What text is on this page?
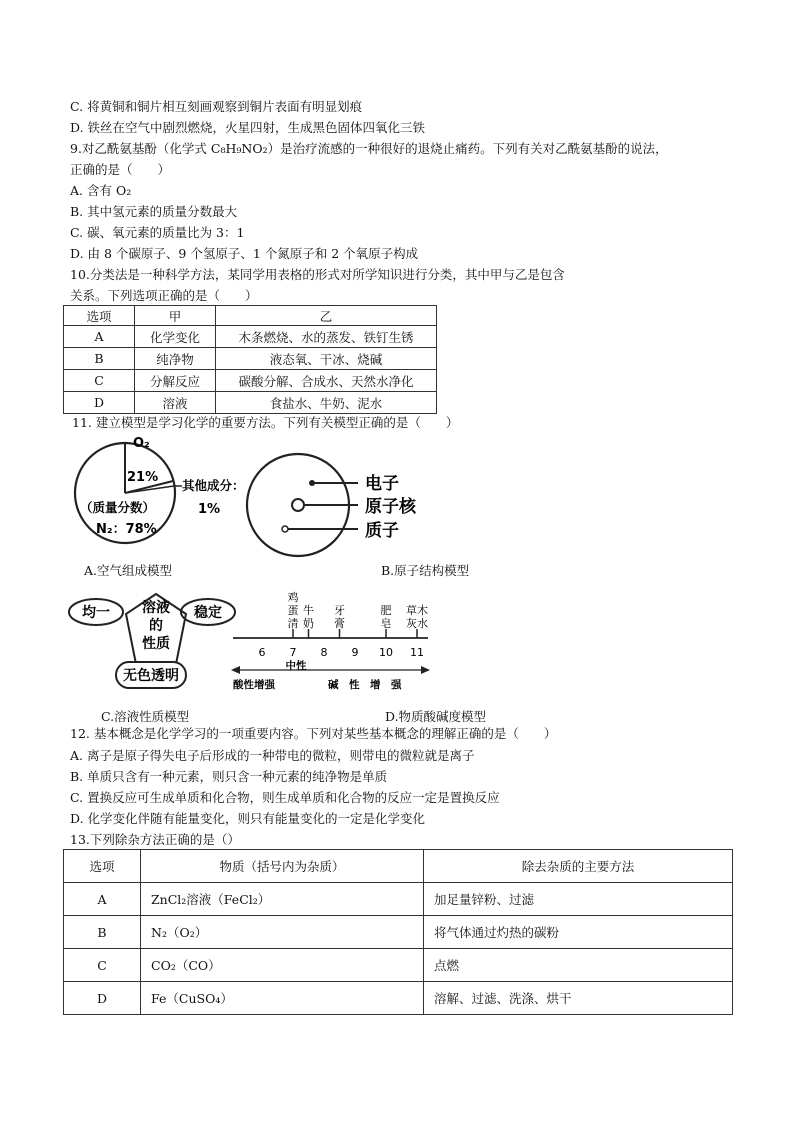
C. 将黄铜和铜片相互刻画观察到铜片表面有明显划痕
D. 铁丝在空气中剧烈燃烧，火星四射，生成黑色固体四氧化三铁
9.对乙酰氨基酚（化学式 C₈H₉NO₂）是治疗流感的一种很好的退烧止痛药。下列有关对乙酰氨基酚的说法，
正确的是（　　）
A. 含有 O₂
B. 其中氢元素的质量分数最大
C. 碳、氧元素的质量比为 3：1
D. 由 8 个碳原子、9 个氢原子、1 个氮原子和 2 个氧原子构成
10.分类法是一种科学方法，某同学用表格的形式对所学知识进行分类，其中甲与乙是包含
关系。下列选项正确的是（　　）
选项	甲	乙
A	化学变化	木条燃烧、水的蒸发、铁钉生锈
B	纯净物	液态氧、干冰、烧碱
C	分解反应	碳酸分解、合成水、天然水净化
D	溶液	食盐水、牛奶、泥水
11. 建立模型是学习化学的重要方法。下列有关模型正确的是（　　）
O₂
21%
其他成分：
1%
（质量分数）
N₂：78%
A.空气组成模型
电子
原子核
质子
B.原子结构模型
溶液
的
性质
均一	稳定
无色透明
C.溶液性质模型
6 7 8 9 10 11
牛
奶
鸡
蛋
清
牙
膏
肥
皂
草木
灰水
中性
酸性增强	碱　性　增　强
D.物质酸碱度模型
12. 基本概念是化学学习的一项重要内容。下列对某些基本概念的理解正确的是（　　）
A. 离子是原子得失电子后形成的一种带电的微粒，则带电的微粒就是离子
B. 单质只含有一种元素，则只含一种元素的纯净物是单质
C. 置换反应可生成单质和化合物，则生成单质和化合物的反应一定是置换反应
D. 化学变化伴随有能量变化，则只有能量变化的一定是化学变化
13.下列除杂方法正确的是（）
选项	物质（括号内为杂质）	除去杂质的主要方法
A	ZnCl₂溶液（FeCl₂）	加足量锌粉、过滤
B	N₂（O₂）	将气体通过灼热的碳粉
C	CO₂（CO）	点燃
D	Fe（CuSO₄）	溶解、过滤、洗涤、烘干
